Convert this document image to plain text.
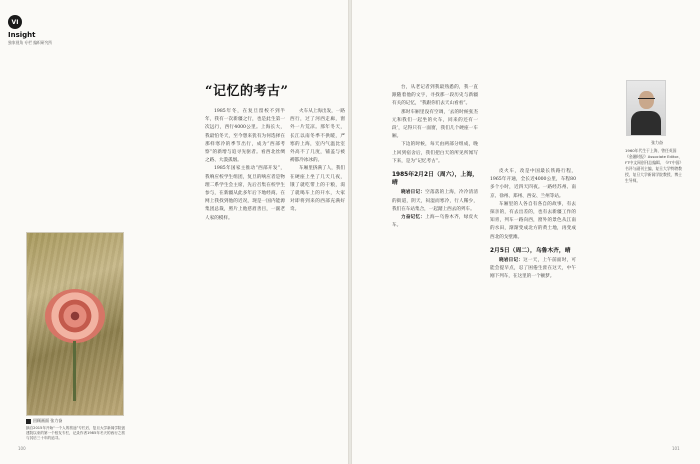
VI
Insight
独家视角 专栏 编织研究所
回顾画面 张力奋
摘自2015年开始“一个人的旅途”专栏后，复旦大学新闻学院创建院以来的第一个校友专栏，记录作者1985年冬天的西行之旅与其后三十年的追寻。
“记忆的考古”

1985年冬，在复旦留校不到半年，我有一次新疆之行，也是此生第一次远行，西行4000公里。上海长大，我最怕冬天，至今想来犹有为何选择在那样寒冷的季节出行，成为“西部考察”的新增与追寻先驱者。看西北丝绸之路、大漠孤烟。

1985年国家主推动“西部开发”，我响应校学生组团，复旦的响应者是物理二系学生会主席，先后召集在校学生参与，在新疆从此多年后下地经商。在网上我找到他的近况，现是一国内能源集团总裁，照片上他慈眉善目，一副老人家的模样。

火车从上海出发，一路西行，过了河西走廊，窗外一片荒凉。那年冬天，长江以南冬季不供暖，严寒的上海，室内气温比室外高不了几度，铺盖与被褥都冷冰冰的。

车厢里挤满了人，我们在硬座上坐了几天几夜，饿了就吃带上的干粮，渴了就喝车上的开水，大家对即将到来的西部充满好奇。

100	101

台，从老记者到我最熟悉的，我一直跟随着他的文字，寻找那一段历史与新疆有关的记忆，“我跟你们去天山看看”。

那时车厢里没有空调，‘去的时候张杰元和我们一起坐的火车，同来的还有一段’，记得只有一面窗，我们几个硬座一车厢。

下边的时候，每天由两部分组成，晚上回到宿舍后，我们把白天的所见所闻写下来，是为“记忆考古”。

1985年2月2日（周六），上海，晴

晓岩日记：空落落的上海，冷冷清清的街道，阴天，闷湿而寒冷，行人稀少，我们在车站集合，一起踏上西去的列车。

力奋记忆：上海—乌鲁木齐，绿皮火车。

皮火车，改是中国最长铁路行程，1965年开通，全长近4000公里，车程80多个小时，近四天四夜。一路经苏州、南京、徐州、郑州、西安、兰州等站。

车厢里的人各自有各自的故事，有去探亲的，有去出差的，也有去新疆工作的知青，列车一路向西，窗外的景色从江南的水田，渐渐变成北方的黄土地，再变成西北的戈壁滩。

2月5日（周二），乌鲁木齐，晴

晓岩日记：这一天，上午前面时，可能会提早点，忍了困倦生涯在这天，中午刚下列车，在这里的一个额梦。

张力奋
1960年代生于上海，曾任英国《金融时报》Associate Editor、FT中文网创刊总编辑、《FT中国》书评与副刊主编，复旦大学特聘教授，复旦大学新闻学院教授，博士生导师。
